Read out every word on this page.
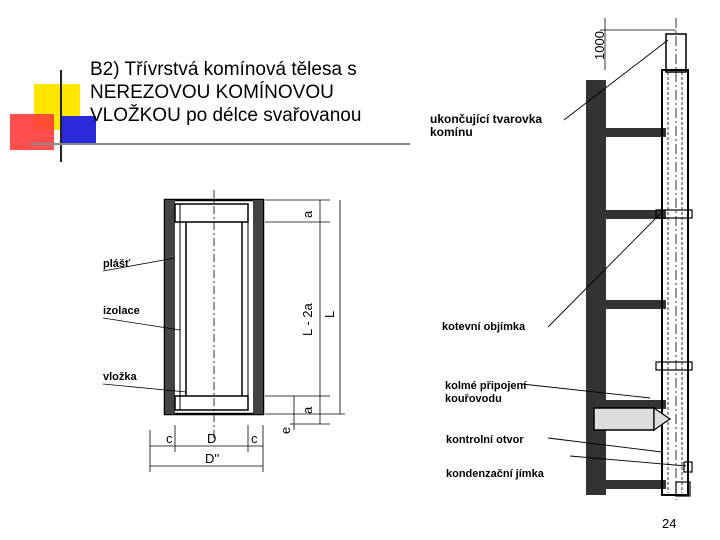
B2) Třívrstvá komínová tělesa s
NEREZOVOU KOMÍNOVOU
VLOŽKOU po délce svařovanou
a
L - 2a L
a
e
c	D	c
D''
1000
plášť
izolace
vložka
ukončující tvarovka
komínu
kotevní objímka
kolmé připojení
kouřovodu
kontrolní otvor
kondenzační jímka
24
